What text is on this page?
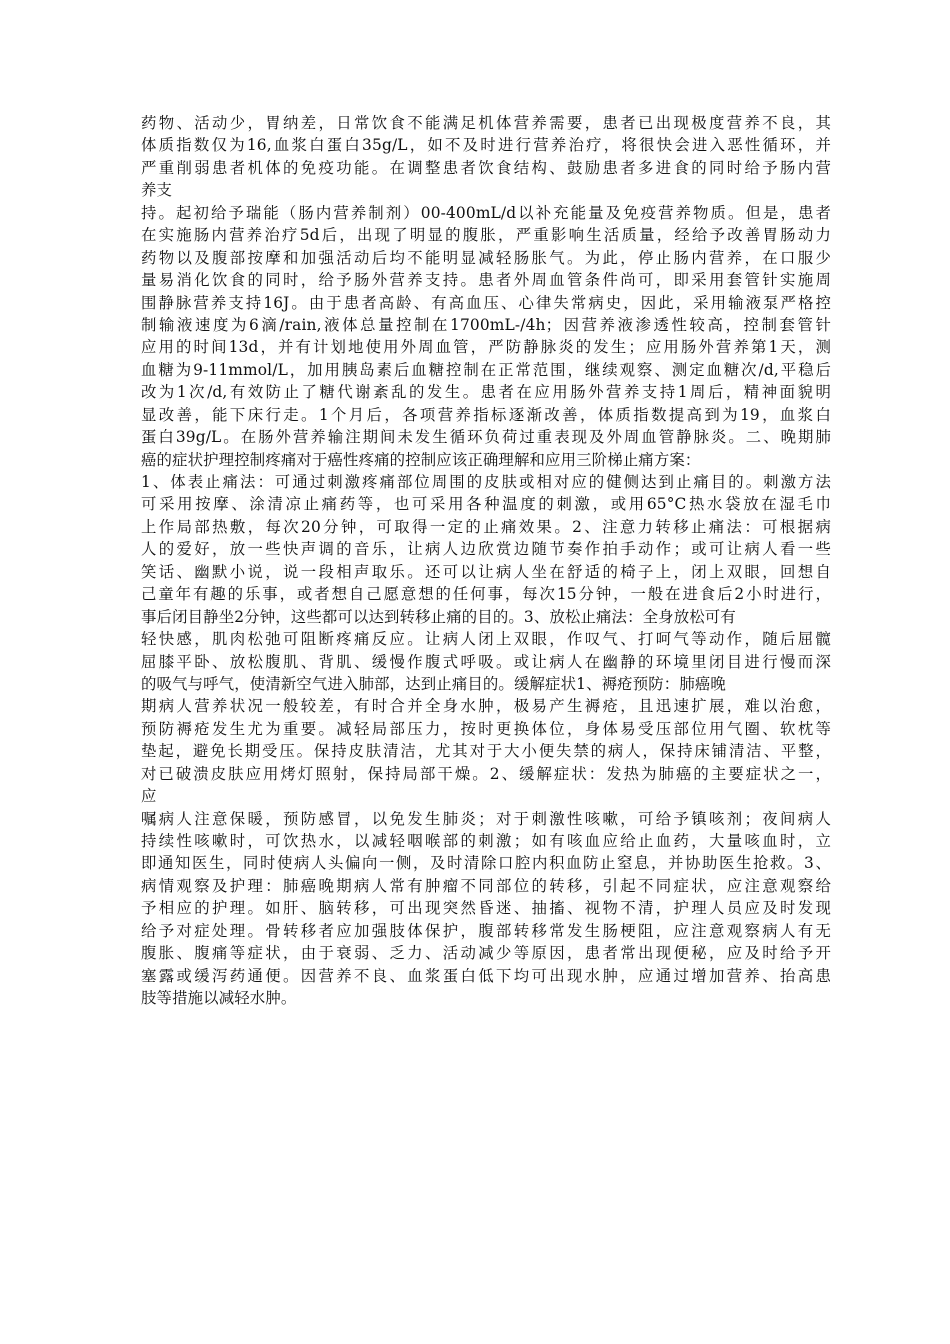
药物、活动少，胃纳差，日常饮食不能满足机体营养需要，患者已出现极度营养不良，其
体质指数仅为16,血浆白蛋白35g/L，如不及时进行营养治疗，将很快会进入恶性循环，并
严重削弱患者机体的免疫功能。在调整患者饮食结构、鼓励患者多进食的同时给予肠内营
养支
持。起初给予瑞能（肠内营养制剂）00-400mL/d以补充能量及免疫营养物质。但是，患者
在实施肠内营养治疗5d后，出现了明显的腹胀，严重影响生活质量，经给予改善胃肠动力
药物以及腹部按摩和加强活动后均不能明显减轻肠胀气。为此，停止肠内营养，在口服少
量易消化饮食的同时，给予肠外营养支持。患者外周血管条件尚可，即采用套管针实施周
围静脉营养支持16J。由于患者高龄、有高血压、心律失常病史，因此，采用输液泵严格控
制输液速度为6滴/rain,液体总量控制在1700mL-/4h；因营养液渗透性较高，控制套管针
应用的时间13d，并有计划地使用外周血管，严防静脉炎的发生；应用肠外营养第1天，测
血糖为9-11mmol/L，加用胰岛素后血糖控制在正常范围，继续观察、测定血糖次/d,平稳后
改为1次/d,有效防止了糖代谢紊乱的发生。患者在应用肠外营养支持1周后，精神面貌明
显改善，能下床行走。1个月后，各项营养指标逐渐改善，体质指数提高到为19，血浆白
蛋白39g/L。在肠外营养输注期间未发生循环负荷过重表现及外周血管静脉炎。二、晚期肺
癌的症状护理控制疼痛对于癌性疼痛的控制应该正确理解和应用三阶梯止痛方案：
1、体表止痛法：可通过刺激疼痛部位周围的皮肤或相对应的健侧达到止痛目的。刺激方法
可采用按摩、涂清凉止痛药等，也可采用各种温度的刺激，或用65°C热水袋放在湿毛巾
上作局部热敷，每次20分钟，可取得一定的止痛效果。2、注意力转移止痛法：可根据病
人的爱好，放一些快声调的音乐，让病人边欣赏边随节奏作拍手动作；或可让病人看一些
笑话、幽默小说，说一段相声取乐。还可以让病人坐在舒适的椅子上，闭上双眼，回想自
己童年有趣的乐事，或者想自己愿意想的任何事，每次15分钟，一般在进食后2小时进行，
事后闭目静坐2分钟，这些都可以达到转移止痛的目的。3、放松止痛法：全身放松可有
轻快感，肌肉松弛可阻断疼痛反应。让病人闭上双眼，作叹气、打呵气等动作，随后屈髋
屈膝平卧、放松腹肌、背肌、缓慢作腹式呼吸。或让病人在幽静的环境里闭目进行慢而深
的吸气与呼气，使清新空气进入肺部，达到止痛目的。缓解症状1、褥疮预防：肺癌晚
期病人营养状况一般较差，有时合并全身水肿，极易产生褥疮，且迅速扩展，难以治愈，
预防褥疮发生尤为重要。减轻局部压力，按时更换体位，身体易受压部位用气圈、软枕等
垫起，避免长期受压。保持皮肤清洁，尤其对于大小便失禁的病人，保持床铺清洁、平整，
对已破溃皮肤应用烤灯照射，保持局部干燥。2、缓解症状：发热为肺癌的主要症状之一，
应
嘱病人注意保暖，预防感冒，以免发生肺炎；对于刺激性咳嗽，可给予镇咳剂；夜间病人
持续性咳嗽时，可饮热水，以减轻咽喉部的刺激；如有咳血应给止血药，大量咳血时，立
即通知医生，同时使病人头偏向一侧，及时清除口腔内积血防止窒息，并协助医生抢救。3、
病情观察及护理：肺癌晚期病人常有肿瘤不同部位的转移，引起不同症状，应注意观察给
予相应的护理。如肝、脑转移，可出现突然昏迷、抽搐、视物不清，护理人员应及时发现
给予对症处理。骨转移者应加强肢体保护，腹部转移常发生肠梗阻，应注意观察病人有无
腹胀、腹痛等症状，由于衰弱、乏力、活动减少等原因，患者常出现便秘，应及时给予开
塞露或缓泻药通便。因营养不良、血浆蛋白低下均可出现水肿，应通过增加营养、抬高患
肢等措施以减轻水肿。
